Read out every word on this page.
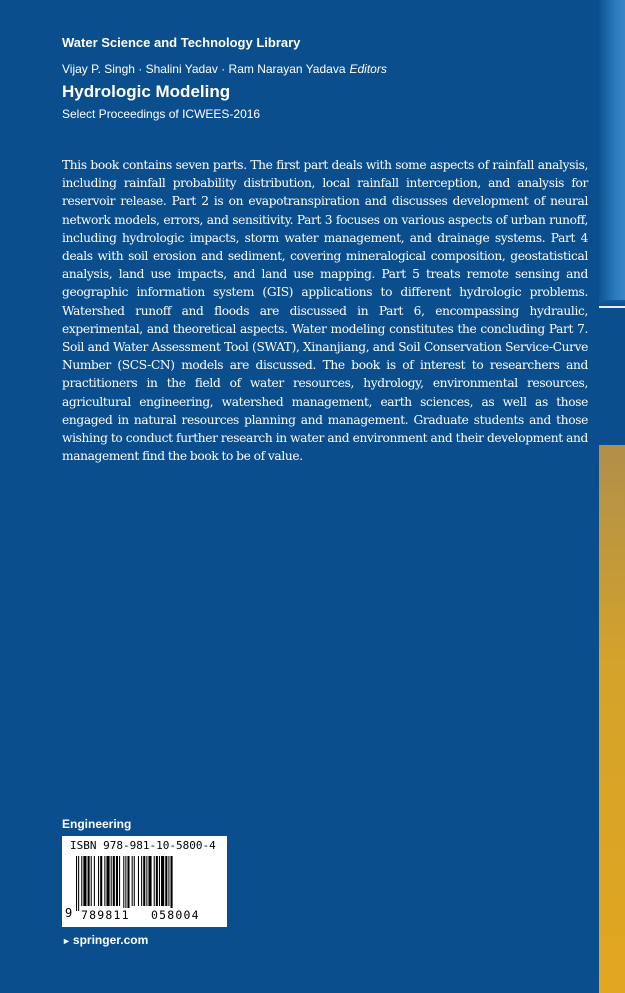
Water Science and Technology Library
Vijay P. Singh · Shalini Yadav · Ram Narayan Yadava Editors
Hydrologic Modeling
Select Proceedings of ICWEES-2016
This book contains seven parts. The first part deals with some aspects of rainfall analysis, including rainfall probability distribution, local rainfall interception, and analysis for reservoir release. Part 2 is on evapotranspiration and discusses development of neural network models, errors, and sensitivity. Part 3 focuses on various aspects of urban runoff, including hydrologic impacts, storm water management, and drainage systems. Part 4 deals with soil erosion and sediment, covering mineralogical composition, geostatistical analysis, land use impacts, and land use mapping. Part 5 treats remote sensing and geographic information system (GIS) applications to different hydrologic problems. Watershed runoff and floods are discussed in Part 6, encompassing hydraulic, experimental, and theoretical aspects. Water modeling constitutes the concluding Part 7. Soil and Water Assessment Tool (SWAT), Xinanjiang, and Soil Conservation Service-Curve Number (SCS-CN) models are discussed. The book is of interest to researchers and practitioners in the field of water resources, hydrology, environmental resources, agricultural engineering, watershed management, earth sciences, as well as those engaged in natural resources planning and management. Graduate students and those wishing to conduct further research in water and environment and their development and management find the book to be of value.
Engineering
ISBN 978-981-10-5800-4
9 789811 058004
► springer.com
